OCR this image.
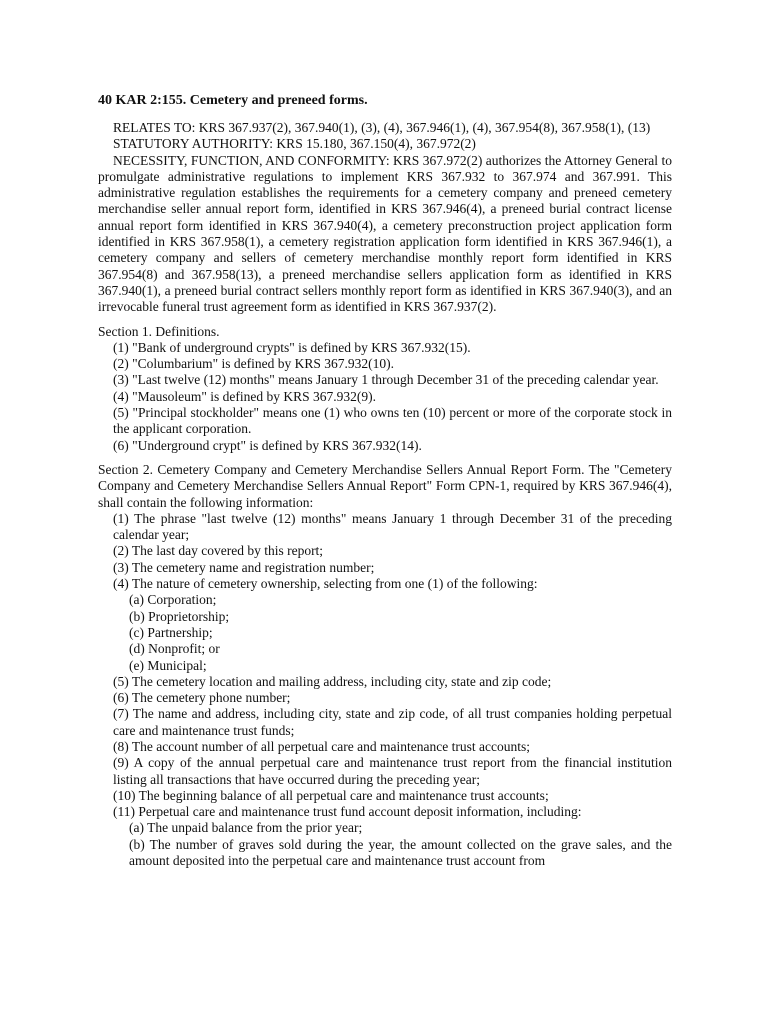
40 KAR 2:155. Cemetery and preneed forms.

RELATES TO: KRS 367.937(2), 367.940(1), (3), (4), 367.946(1), (4), 367.954(8), 367.958(1), (13)

STATUTORY AUTHORITY: KRS 15.180, 367.150(4), 367.972(2)

NECESSITY, FUNCTION, AND CONFORMITY: KRS 367.972(2) authorizes the Attorney General to promulgate administrative regulations to implement KRS 367.932 to 367.974 and 367.991. This administrative regulation establishes the requirements for a cemetery company and preneed cemetery merchandise seller annual report form, identified in KRS 367.946(4), a preneed burial contract license annual report form identified in KRS 367.940(4), a cemetery preconstruction project application form identified in KRS 367.958(1), a cemetery registration application form identified in KRS 367.946(1), a cemetery company and sellers of cemetery merchandise monthly report form identified in KRS 367.954(8) and 367.958(13), a preneed merchandise sellers application form as identified in KRS 367.940(1), a preneed burial contract sellers monthly report form as identified in KRS 367.940(3), and an irrevocable funeral trust agreement form as identified in KRS 367.937(2).

Section 1. Definitions.

(1) "Bank of underground crypts" is defined by KRS 367.932(15).

(2) "Columbarium" is defined by KRS 367.932(10).

(3) "Last twelve (12) months" means January 1 through December 31 of the preceding calendar year.

(4) "Mausoleum" is defined by KRS 367.932(9).

(5) "Principal stockholder" means one (1) who owns ten (10) percent or more of the corporate stock in the applicant corporation.

(6) "Underground crypt" is defined by KRS 367.932(14).

Section 2. Cemetery Company and Cemetery Merchandise Sellers Annual Report Form. The "Cemetery Company and Cemetery Merchandise Sellers Annual Report" Form CPN-1, required by KRS 367.946(4), shall contain the following information:

(1) The phrase "last twelve (12) months" means January 1 through December 31 of the preceding calendar year;

(2) The last day covered by this report;

(3) The cemetery name and registration number;

(4) The nature of cemetery ownership, selecting from one (1) of the following:

(a) Corporation;

(b) Proprietorship;

(c) Partnership;

(d) Nonprofit; or

(e) Municipal;

(5) The cemetery location and mailing address, including city, state and zip code;

(6) The cemetery phone number;

(7) The name and address, including city, state and zip code, of all trust companies holding perpetual care and maintenance trust funds;

(8) The account number of all perpetual care and maintenance trust accounts;

(9) A copy of the annual perpetual care and maintenance trust report from the financial institution listing all transactions that have occurred during the preceding year;

(10) The beginning balance of all perpetual care and maintenance trust accounts;

(11) Perpetual care and maintenance trust fund account deposit information, including:

(a) The unpaid balance from the prior year;

(b) The number of graves sold during the year, the amount collected on the grave sales, and the amount deposited into the perpetual care and maintenance trust account from
